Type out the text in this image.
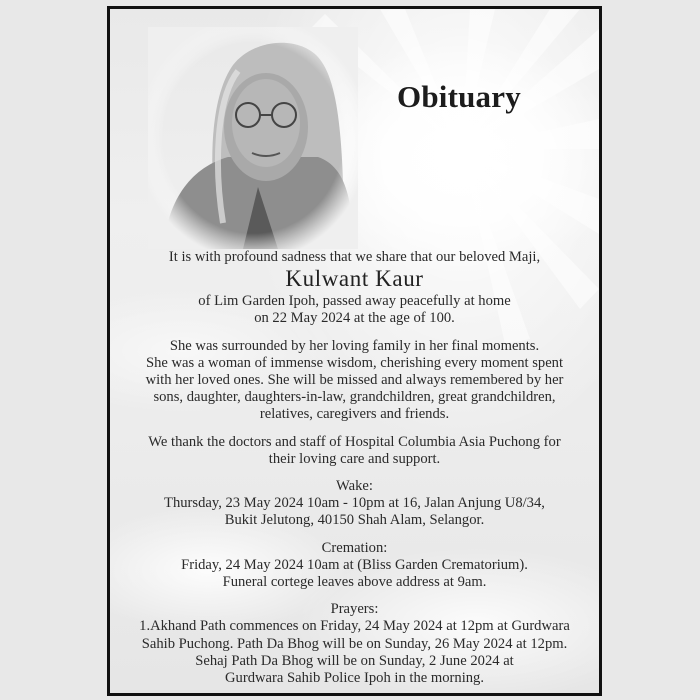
Obituary
It is with profound sadness that we share that our beloved Maji,
Kulwant Kaur
of Lim Garden Ipoh, passed away peacefully at home
on 22 May 2024 at the age of 100.
She was surrounded by her loving family in her final moments.
She was a woman of immense wisdom, cherishing every moment spent
with her loved ones. She will be missed and always remembered by her
sons, daughter, daughters-in-law, grandchildren, great grandchildren,
relatives, caregivers and friends.
We thank the doctors and staff of Hospital Columbia Asia Puchong for
their loving care and support.
Wake:
Thursday, 23 May 2024 10am - 10pm at 16, Jalan Anjung U8/34,
Bukit Jelutong, 40150 Shah Alam, Selangor.
Cremation:
Friday, 24 May 2024 10am at (Bliss Garden Crematorium).
Funeral cortege leaves above address at 9am.
Prayers:
1.Akhand Path commences on Friday, 24 May 2024 at 12pm at Gurdwara
Sahib Puchong. Path Da Bhog will be on Sunday, 26 May 2024 at 12pm.
Sehaj Path Da Bhog will be on Sunday, 2 June 2024 at
Gurdwara Sahib Police Ipoh in the morning.
